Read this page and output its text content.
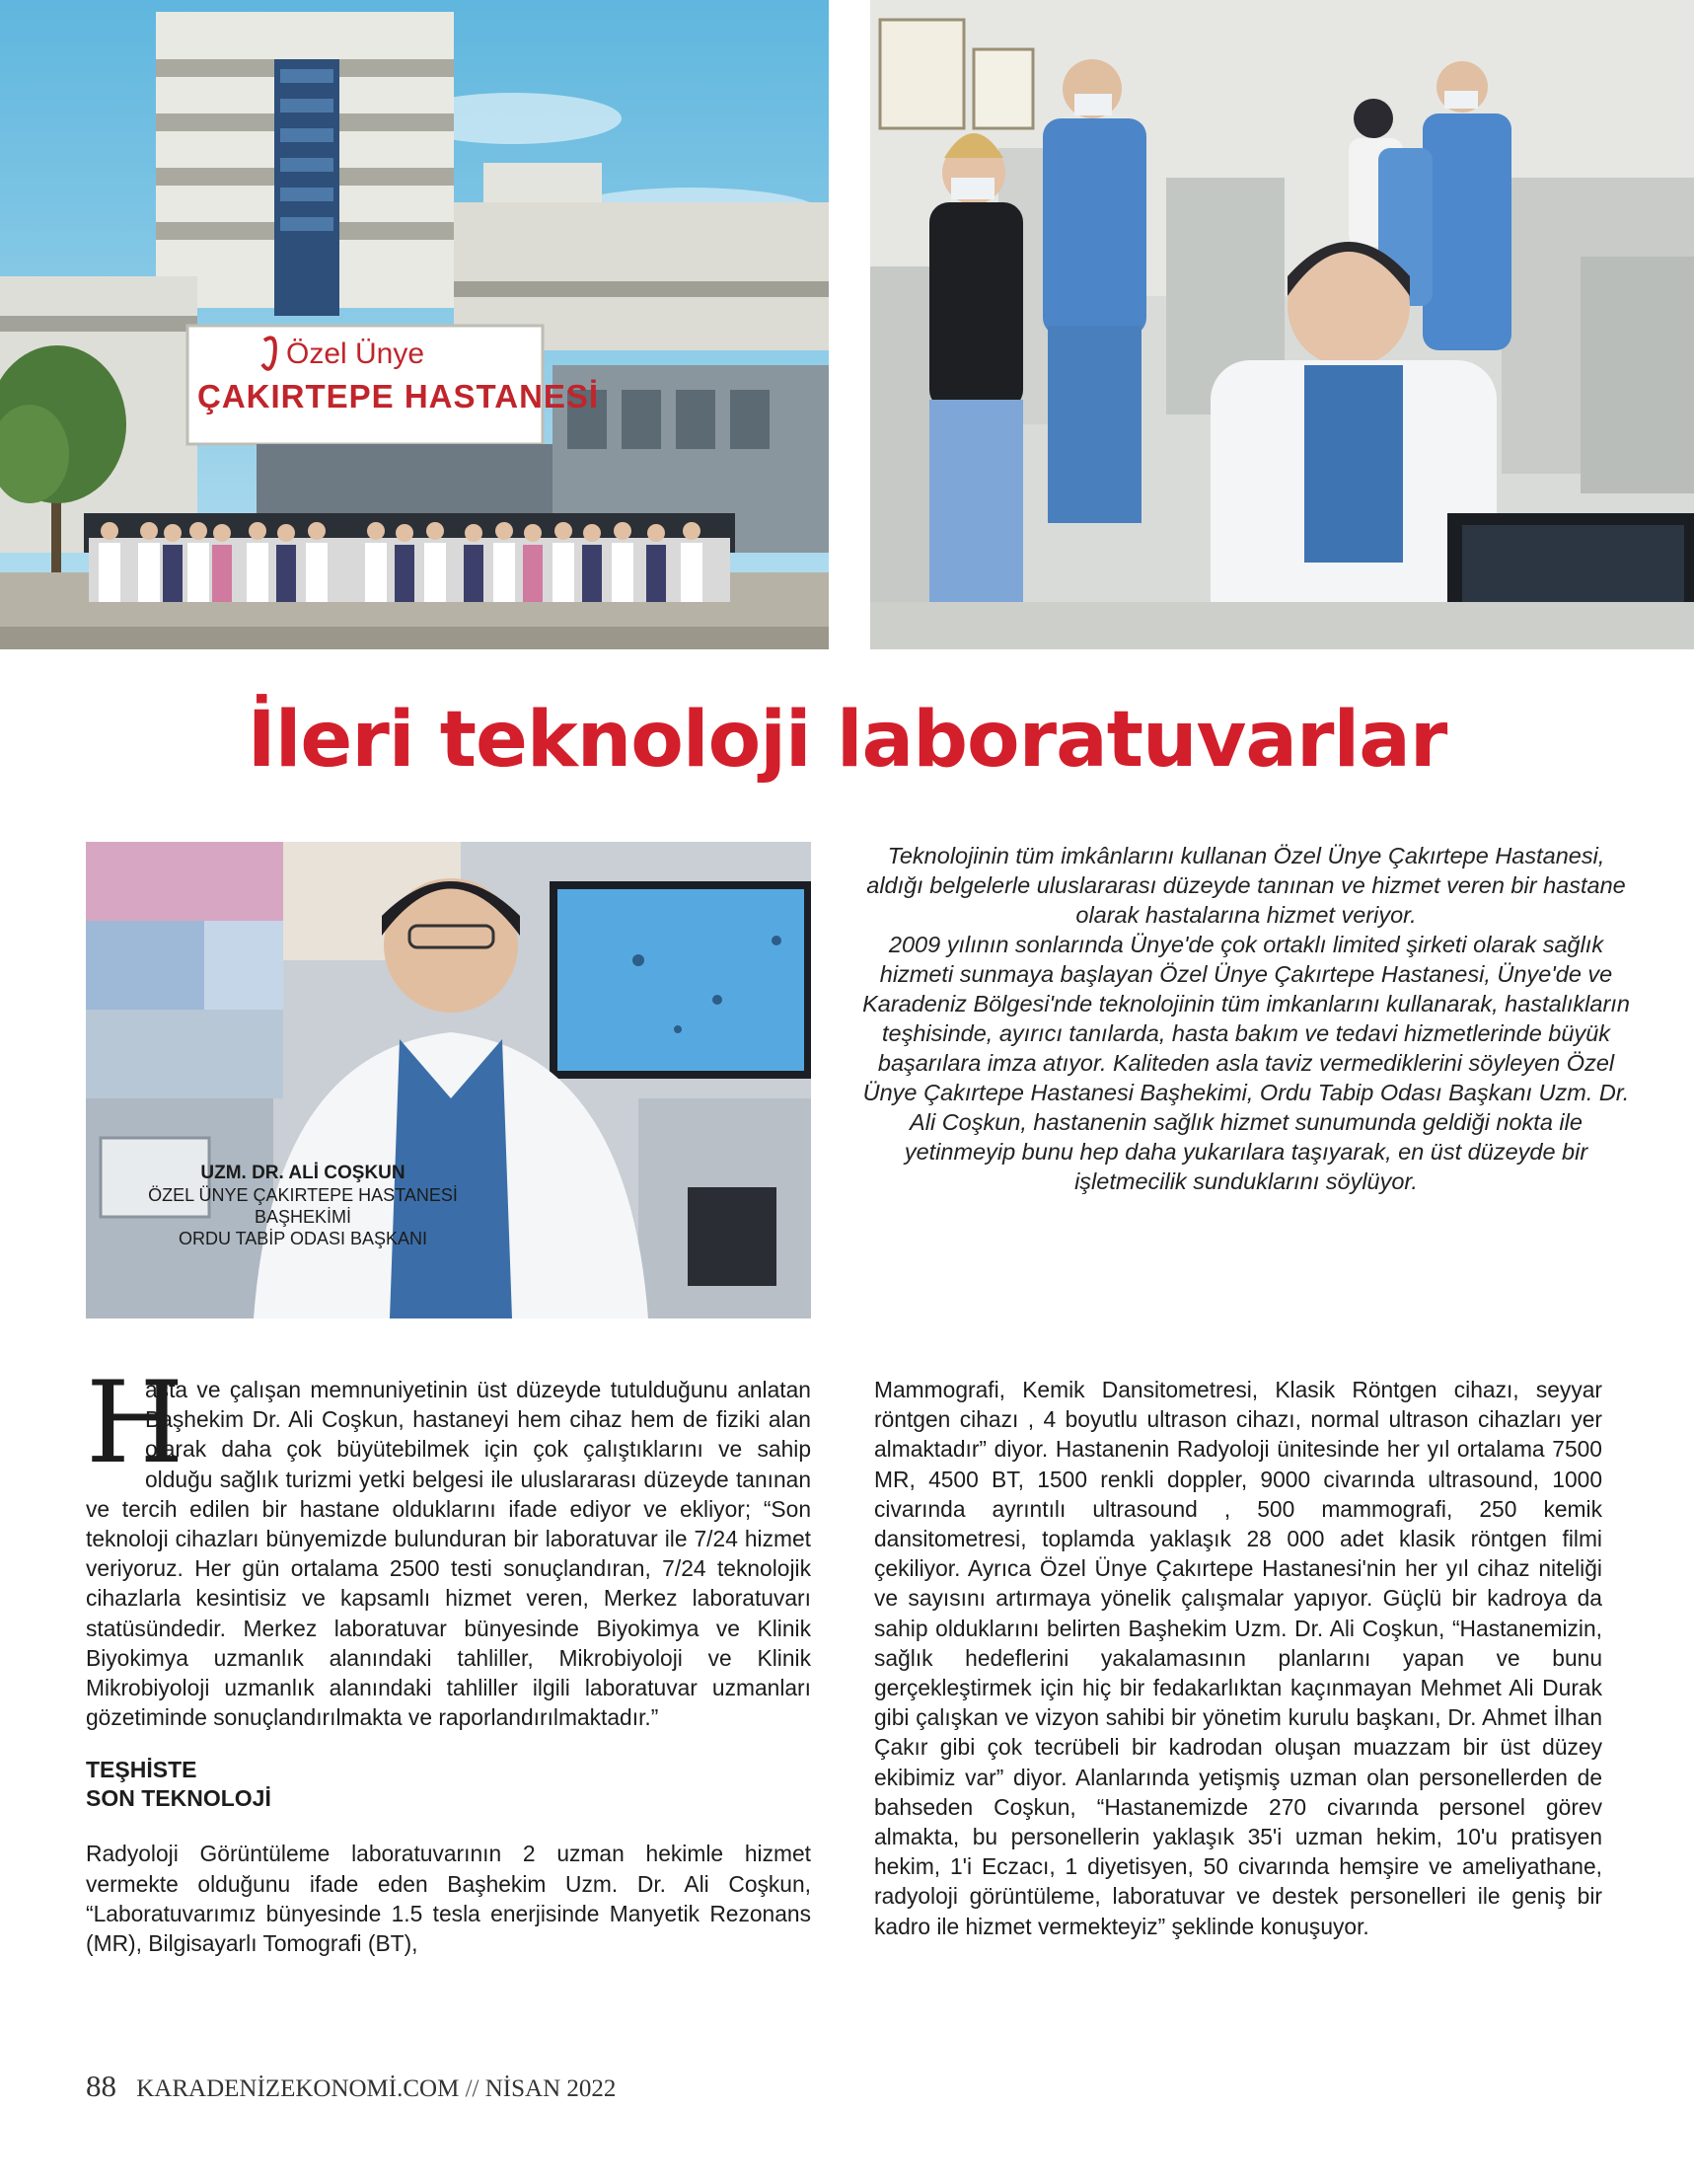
Özel Ünye
ÇAKIRTEPE HASTANESİ
İleri teknoloji laboratuvarlar
UZM. DR. ALİ COŞKUN
ÖZEL ÜNYE ÇAKIRTEPE HASTANESİ
BAŞHEKİMİ
ORDU TABİP ODASI BAŞKANI

Teknolojinin tüm imkânlarını kullanan Özel Ünye Çakırtepe Hastanesi, aldığı belgelerle uluslararası düzeyde tanınan ve hizmet veren bir hastane olarak hastalarına hizmet veriyor.

2009 yılının sonlarında Ünye'de çok ortaklı limited şirketi olarak sağlık hizmeti sunmaya başlayan Özel Ünye Çakırtepe Hastanesi, Ünye'de ve Karadeniz Bölgesi'nde teknolojinin tüm imkanlarını kullanarak, hastalıkların teşhisinde, ayırıcı tanılarda, hasta bakım ve tedavi hizmetlerinde büyük başarılara imza atıyor. Kaliteden asla taviz vermediklerini söyleyen Özel Ünye Çakırtepe Hastanesi Başhekimi, Ordu Tabip Odası Başkanı Uzm. Dr. Ali Coşkun, hastanenin sağlık hizmet sunumunda geldiği nokta ile yetinmeyip bunu hep daha yukarılara taşıyarak, en üst düzeyde bir işletmecilik sunduklarını söylüyor.

H
asta ve çalışan memnuniyetinin üst düzeyde tutulduğunu anlatan Başhekim Dr. Ali Coşkun, hastaneyi hem cihaz hem de fiziki alan olarak daha çok büyütebilmek için çok çalıştıklarını ve sahip olduğu sağlık turizmi yetki belgesi ile uluslararası düzeyde tanınan ve tercih edilen bir hastane olduklarını ifade ediyor ve ekliyor; “Son teknoloji cihazları bünyemizde bulunduran bir laboratuvar ile 7/24 hizmet veriyoruz. Her gün ortalama 2500 testi sonuçlandıran, 7/24 teknolojik cihazlarla kesintisiz ve kapsamlı hizmet veren, Merkez laboratuvarı statüsündedir. Merkez laboratuvar bünyesinde Biyokimya ve Klinik Biyokimya uzmanlık alanındaki tahliller, Mikrobiyoloji ve Klinik Mikrobiyoloji uzmanlık alanındaki tahliller ilgili laboratuvar uzmanları gözetiminde sonuçlandırılmakta ve raporlandırılmaktadır.”

TEŞHİSTE
SON TEKNOLOJİ

Radyoloji Görüntüleme laboratuvarının 2 uzman hekimle hizmet vermekte olduğunu ifade eden Başhekim Uzm. Dr. Ali Coşkun, “Laboratuvarımız bünyesinde 1.5 tesla enerjisinde Manyetik Rezonans (MR), Bilgisayarlı Tomografi (BT),

Mammografi, Kemik Dansitometresi, Klasik Röntgen cihazı, seyyar röntgen cihazı , 4 boyutlu ultrason cihazı, normal ultrason cihazları yer almaktadır” diyor. Hastanenin Radyoloji ünitesinde her yıl ortalama 7500 MR, 4500 BT, 1500 renkli doppler, 9000 civarında ultrasound, 1000 civarında ayrıntılı ultrasound , 500 mammografi, 250 kemik dansitometresi, toplamda yaklaşık 28 000 adet klasik röntgen filmi çekiliyor. Ayrıca Özel Ünye Çakırtepe Hastanesi'nin her yıl cihaz niteliği ve sayısını artırmaya yönelik çalışmalar yapıyor. Güçlü bir kadroya da sahip olduklarını belirten Başhekim Uzm. Dr. Ali Coşkun, “Hastanemizin, sağlık hedeflerini yakalamasının planlarını yapan ve bunu gerçekleştirmek için hiç bir fedakarlıktan kaçınmayan Mehmet Ali Durak gibi çalışkan ve vizyon sahibi bir yönetim kurulu başkanı, Dr. Ahmet İlhan Çakır gibi çok tecrübeli bir kadrodan oluşan muazzam bir üst düzey ekibimiz var” diyor. Alanlarında yetişmiş uzman olan personellerden de bahseden Coşkun, “Hastanemizde 270 civarında personel görev almakta, bu personellerin yaklaşık 35'i uzman hekim, 10'u pratisyen hekim, 1'i Eczacı, 1 diyetisyen, 50 civarında hemşire ve ameliyathane, radyoloji görüntüleme, laboratuvar ve destek personelleri ile geniş bir kadro ile hizmet vermekteyiz” şeklinde konuşuyor.

88 KARADENİZEKONOMİ.COM // NİSAN 2022
